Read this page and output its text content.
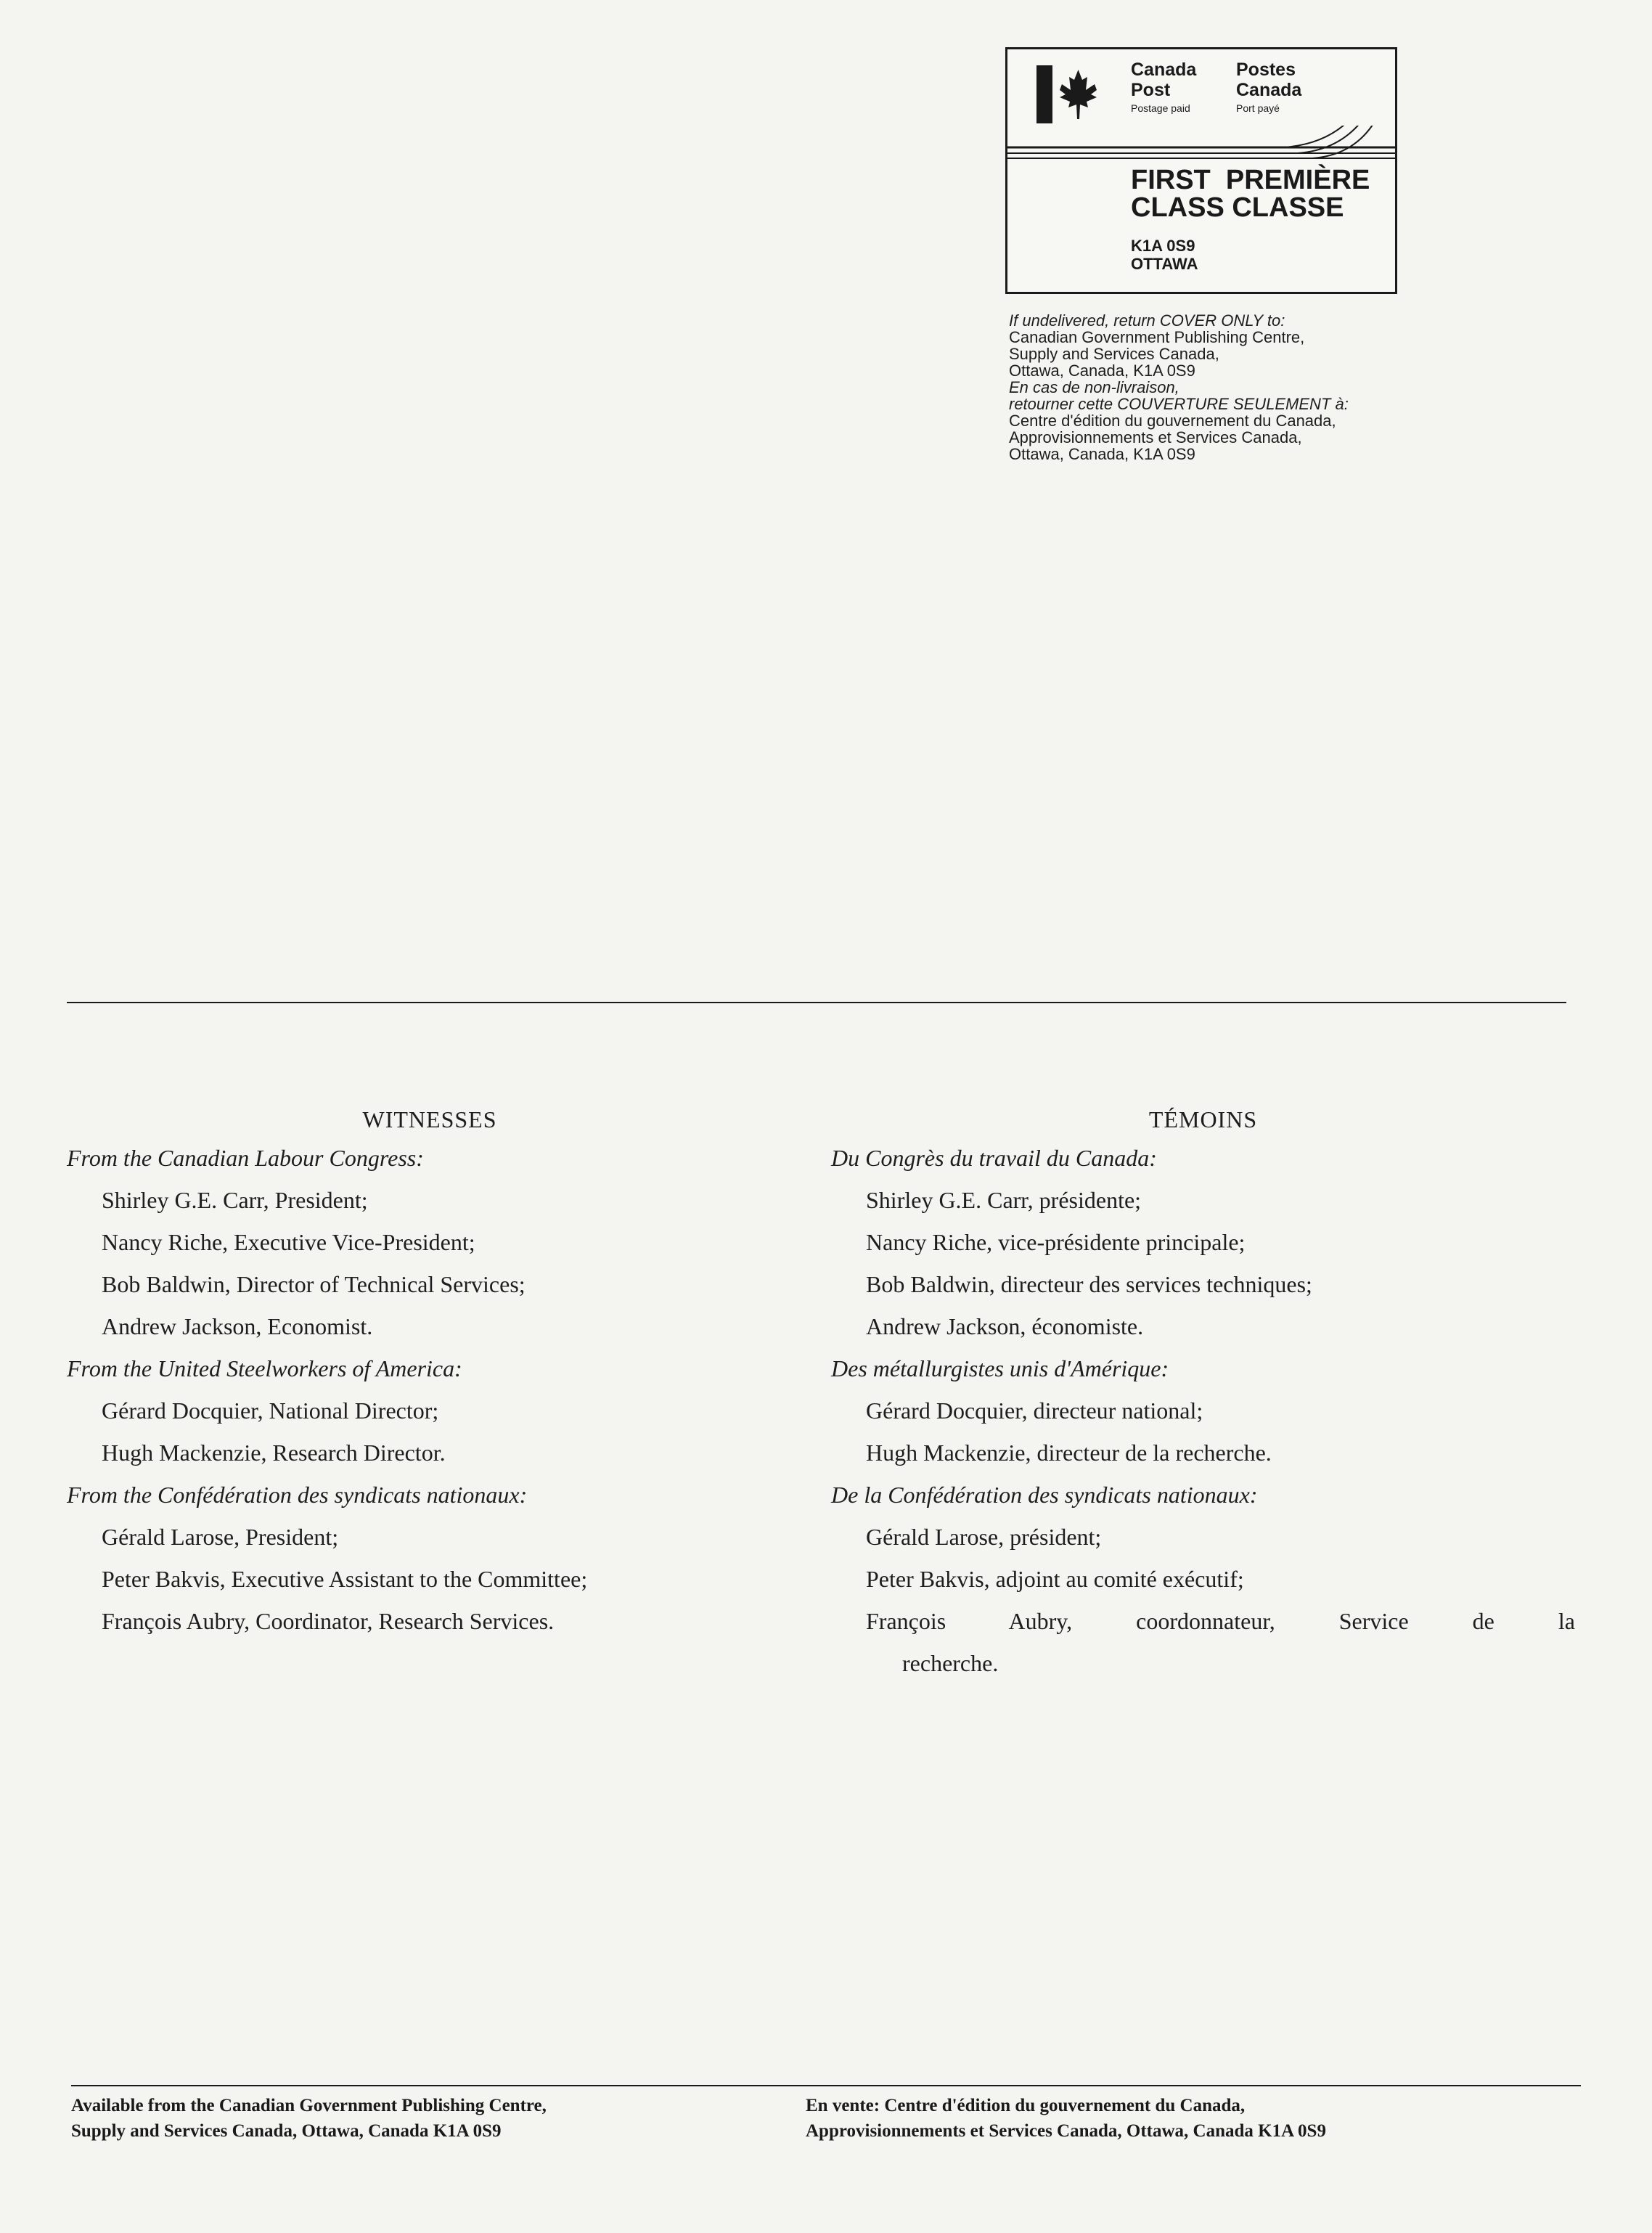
Canada
Post
Postage paid
Postes
Canada
Port payé
FIRST  PREMIÈRE
CLASS CLASSE
K1A 0S9
OTTAWA
If undelivered, return COVER ONLY to:
Canadian Government Publishing Centre,
Supply and Services Canada,
Ottawa, Canada, K1A 0S9
En cas de non-livraison,
retourner cette COUVERTURE SEULEMENT à:
Centre d'édition du gouvernement du Canada,
Approvisionnements et Services Canada,
Ottawa, Canada, K1A 0S9
WITNESSES
From the Canadian Labour Congress:
Shirley G.E. Carr, President;
Nancy Riche, Executive Vice-President;
Bob Baldwin, Director of Technical Services;
Andrew Jackson, Economist.
From the United Steelworkers of America:
Gérard Docquier, National Director;
Hugh Mackenzie, Research Director.
From the Confédération des syndicats nationaux:
Gérald Larose, President;
Peter Bakvis, Executive Assistant to the Committee;
François Aubry, Coordinator, Research Services.
TÉMOINS
Du Congrès du travail du Canada:
Shirley G.E. Carr, présidente;
Nancy Riche, vice-présidente principale;
Bob Baldwin, directeur des services techniques;
Andrew Jackson, économiste.
Des métallurgistes unis d'Amérique:
Gérard Docquier, directeur national;
Hugh Mackenzie, directeur de la recherche.
De la Confédération des syndicats nationaux:
Gérald Larose, président;
Peter Bakvis, adjoint au comité exécutif;
François Aubry, coordonnateur, Service de la
recherche.
Available from the Canadian Government Publishing Centre,
Supply and Services Canada, Ottawa, Canada K1A 0S9
En vente: Centre d'édition du gouvernement du Canada,
Approvisionnements et Services Canada, Ottawa, Canada K1A 0S9
